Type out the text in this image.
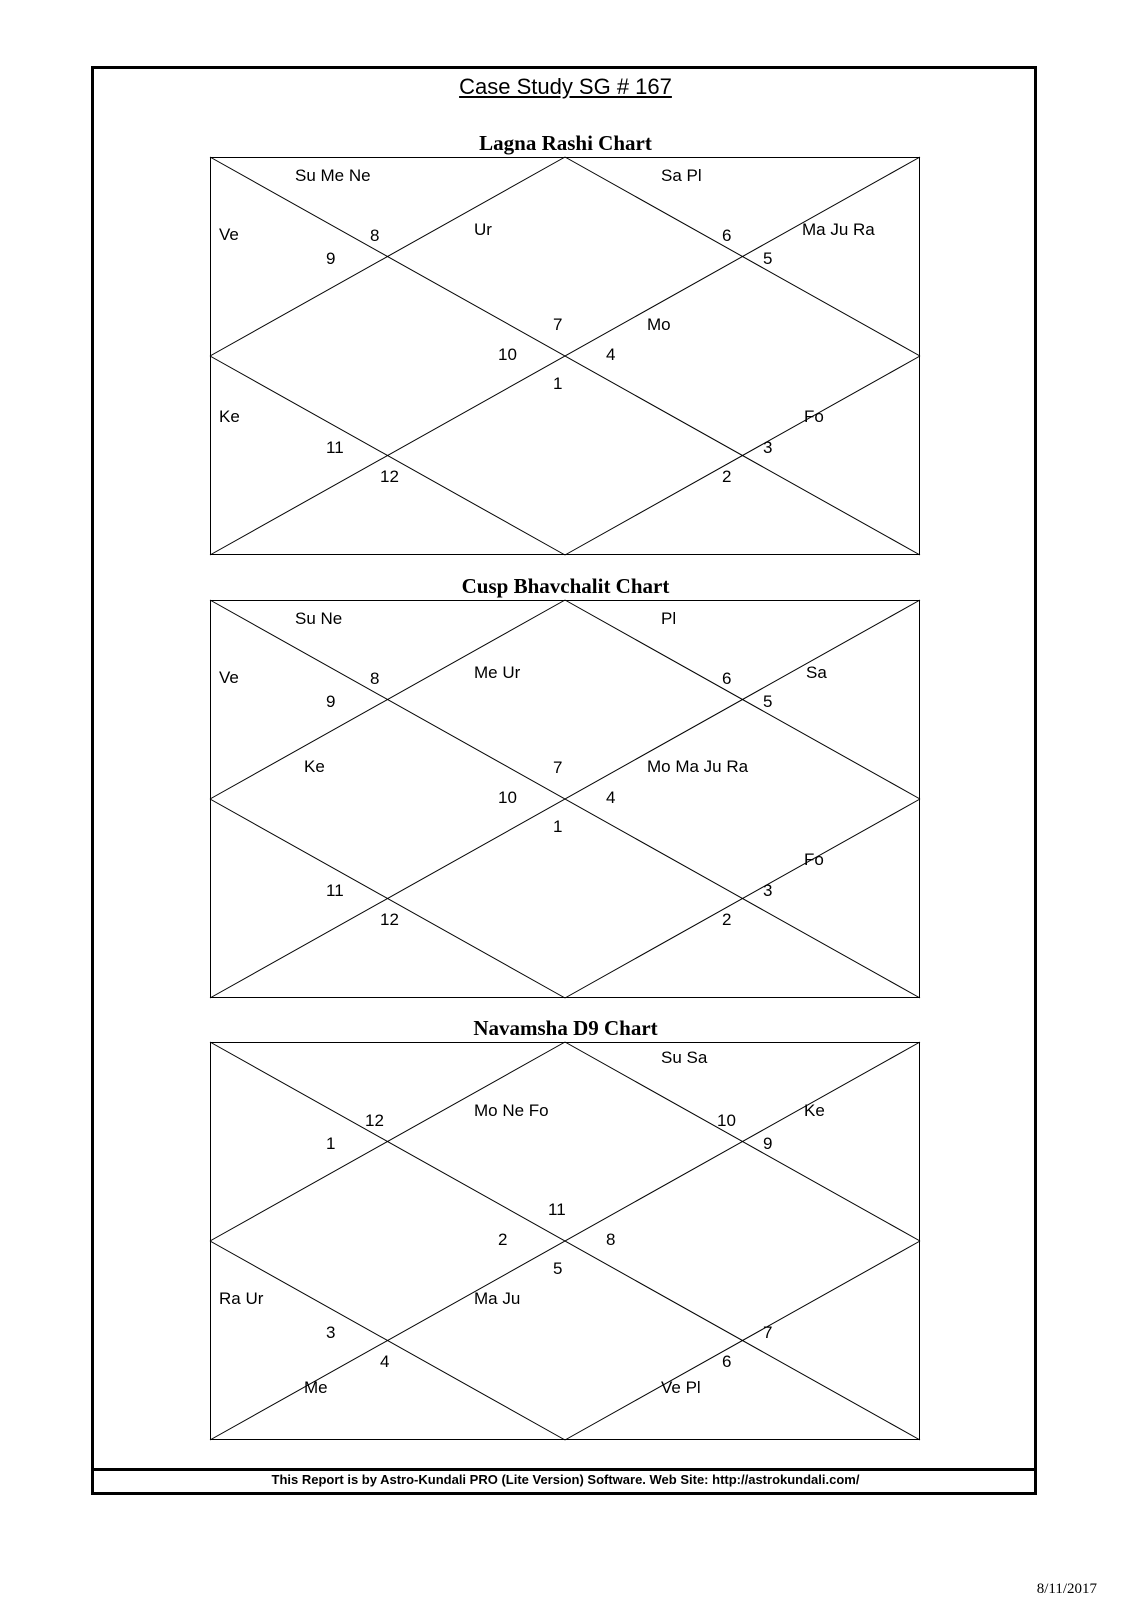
Case Study SG # 167
Lagna Rashi Chart
8
9
7
10
1
4
6
5
11
12	2
3
Su Me Ne	Sa Pl
Ve	Ur	Ma Ju Ra
Mo
Ke	Fo
Cusp Bhavchalit Chart
8
9
7
10
1
4
6
5
11
12	2
3
Su Ne	Pl
Ve	Me Ur	Sa
Ke	Mo Ma Ju Ra
Fo
Navamsha D9 Chart
12
1
11
2
5
8
10
9
3
4	6
7
Su Sa
Mo Ne Fo	Ke
Ra Ur	Ma Ju
Me	Ve Pl
This Report is by Astro-Kundali PRO (Lite Version) Software. Web Site: http://astrokundali.com/
8/11/2017
